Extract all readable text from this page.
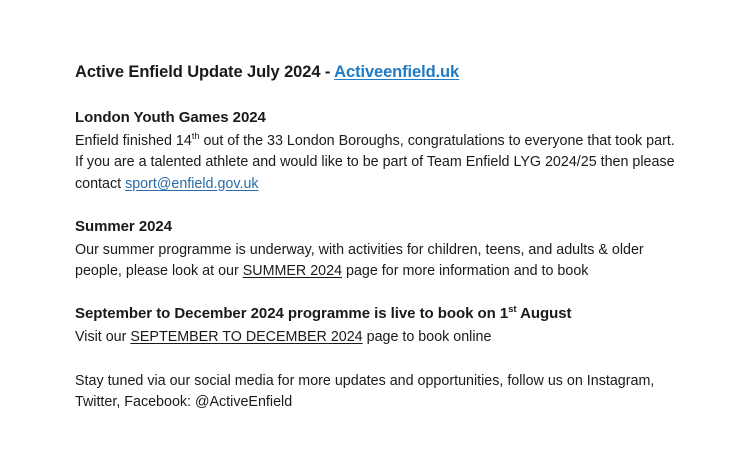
Active Enfield Update July 2024 - Activeenfield.uk
London Youth Games 2024

Enfield finished 14th out of the 33 London Boroughs, congratulations to everyone that took part.  If you are a talented athlete and would like to be part of Team Enfield LYG 2024/25 then please contact sport@enfield.gov.uk

Summer 2024

Our summer programme is underway, with activities for children, teens, and adults & older people, please look at our SUMMER 2024 page for more information and to book

September to December 2024 programme is live to book on 1st August

Visit our SEPTEMBER TO DECEMBER 2024 page to book online

Stay tuned via our social media for more updates and opportunities, follow us on Instagram, Twitter, Facebook: @ActiveEnfield
